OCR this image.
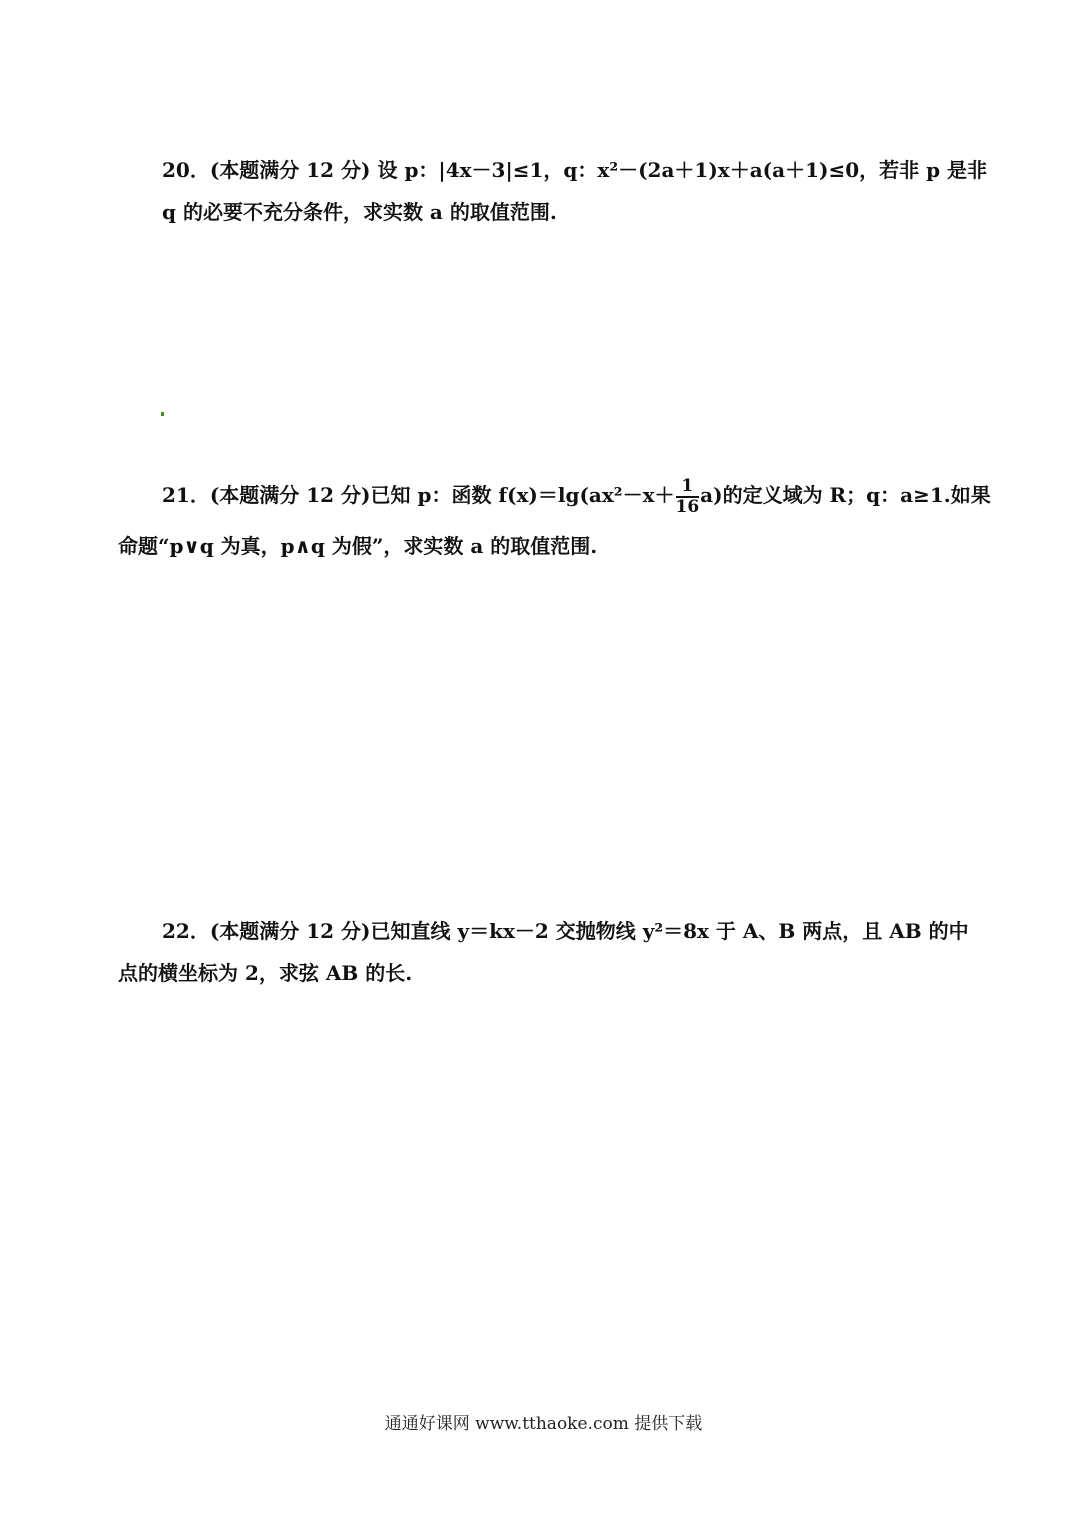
20．(本题满分 12 分) 设 p：|4x－3|≤1，q：x²－(2a＋1)x＋a(a＋1)≤0，若非 p 是非
q 的必要不充分条件，求实数 a 的取值范围.
21．(本题满分 12 分)已知 p：函数 $f(x)=\lg(ax^2-x+ \frac{1}{16} a)$的定义域为 R；q：a≥1.如果
命题“p∨q 为真，p∧q 为假”，求实数 a 的取值范围.
22．(本题满分 12 分)已知直线 y＝kx－2 交抛物线 y²＝8x 于 A、B 两点，且 AB 的中
点的横坐标为 2，求弦 AB 的长.
通通好课网 www.tthaoke.com 提供下载
